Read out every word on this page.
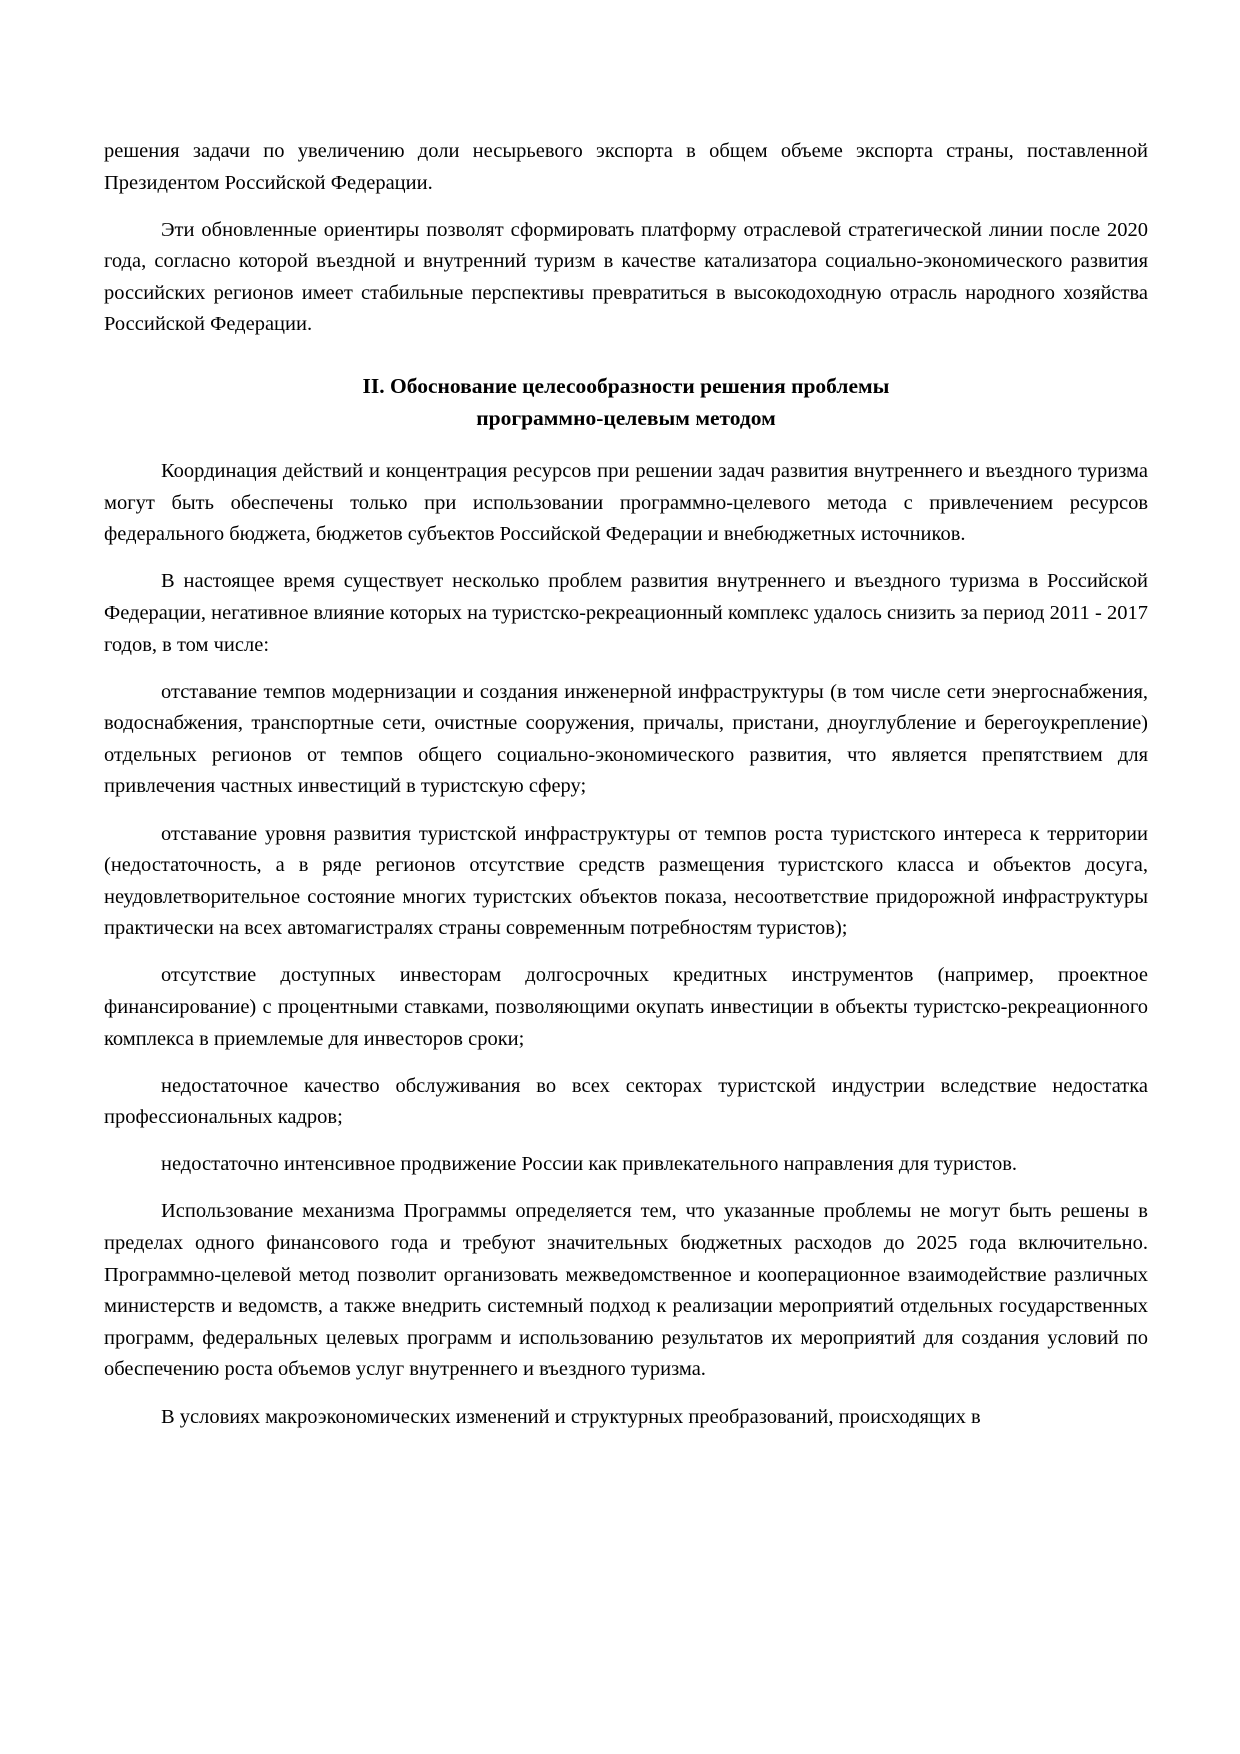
решения задачи по увеличению доли несырьевого экспорта в общем объеме экспорта страны, поставленной Президентом Российской Федерации.

Эти обновленные ориентиры позволят сформировать платформу отраслевой стратегической линии после 2020 года, согласно которой въездной и внутренний туризм в качестве катализатора социально-экономического развития российских регионов имеет стабильные перспективы превратиться в высокодоходную отрасль народного хозяйства Российской Федерации.

II. Обоснование целесообразности решения проблемы
программно-целевым методом

Координация действий и концентрация ресурсов при решении задач развития внутреннего и въездного туризма могут быть обеспечены только при использовании программно-целевого метода с привлечением ресурсов федерального бюджета, бюджетов субъектов Российской Федерации и внебюджетных источников.

В настоящее время существует несколько проблем развития внутреннего и въездного туризма в Российской Федерации, негативное влияние которых на туристско-рекреационный комплекс удалось снизить за период 2011 - 2017 годов, в том числе:

отставание темпов модернизации и создания инженерной инфраструктуры (в том числе сети энергоснабжения, водоснабжения, транспортные сети, очистные сооружения, причалы, пристани, дноуглубление и берегоукрепление) отдельных регионов от темпов общего социально-экономического развития, что является препятствием для привлечения частных инвестиций в туристскую сферу;

отставание уровня развития туристской инфраструктуры от темпов роста туристского интереса к территории (недостаточность, а в ряде регионов отсутствие средств размещения туристского класса и объектов досуга, неудовлетворительное состояние многих туристских объектов показа, несоответствие придорожной инфраструктуры практически на всех автомагистралях страны современным потребностям туристов);

отсутствие доступных инвесторам долгосрочных кредитных инструментов (например, проектное финансирование) с процентными ставками, позволяющими окупать инвестиции в объекты туристско-рекреационного комплекса в приемлемые для инвесторов сроки;

недостаточное качество обслуживания во всех секторах туристской индустрии вследствие недостатка профессиональных кадров;

недостаточно интенсивное продвижение России как привлекательного направления для туристов.

Использование механизма Программы определяется тем, что указанные проблемы не могут быть решены в пределах одного финансового года и требуют значительных бюджетных расходов до 2025 года включительно. Программно-целевой метод позволит организовать межведомственное и кооперационное взаимодействие различных министерств и ведомств, а также внедрить системный подход к реализации мероприятий отдельных государственных программ, федеральных целевых программ и использованию результатов их мероприятий для создания условий по обеспечению роста объемов услуг внутреннего и въездного туризма.

В условиях макроэкономических изменений и структурных преобразований, происходящих в
